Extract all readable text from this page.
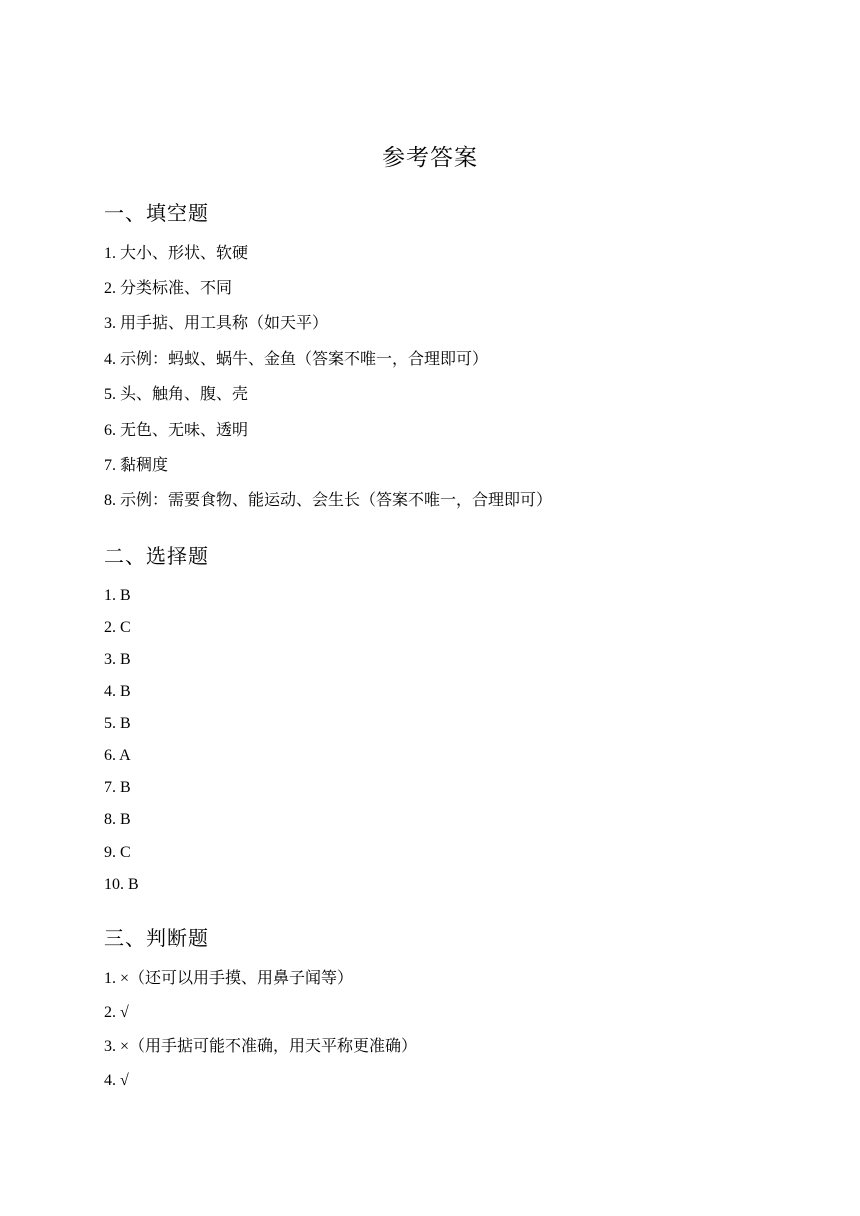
参考答案
一、填空题
1. 大小、形状、软硬
2. 分类标准、不同
3. 用手掂、用工具称（如天平）
4. 示例：蚂蚁、蜗牛、金鱼（答案不唯一，合理即可）
5. 头、触角、腹、壳
6. 无色、无味、透明
7. 黏稠度
8. 示例：需要食物、能运动、会生长（答案不唯一，合理即可）
二、选择题
1. B
2. C
3. B
4. B
5. B
6. A
7. B
8. B
9. C
10. B
三、判断题
1. ×（还可以用手摸、用鼻子闻等）
2. √
3. ×（用手掂可能不准确，用天平称更准确）
4. √
